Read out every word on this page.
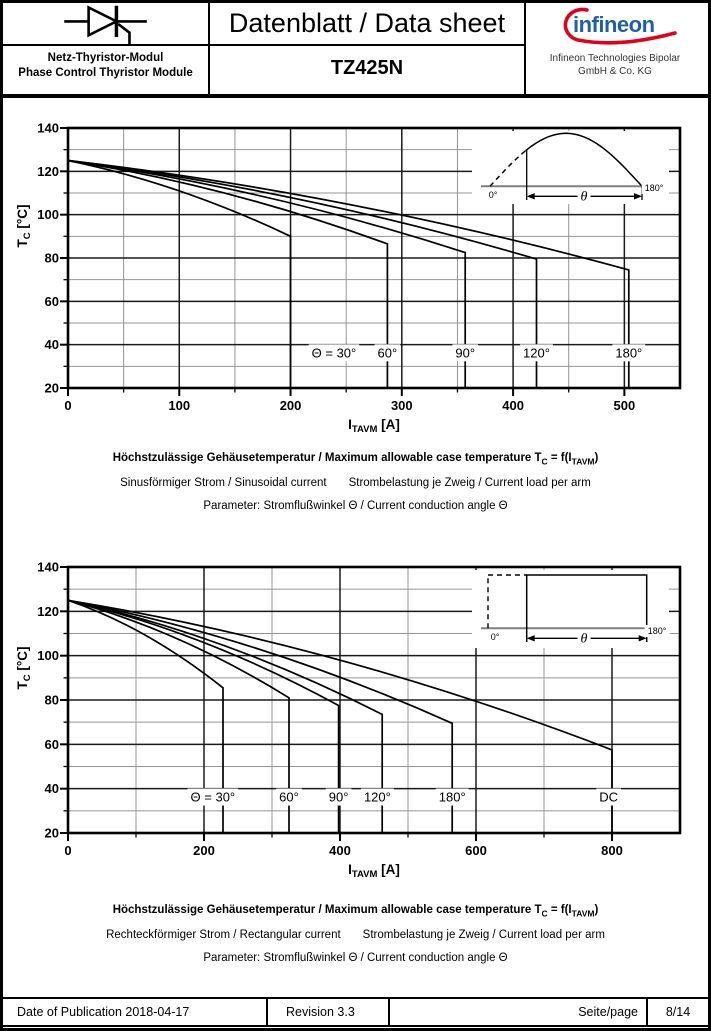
Netz-Thyristor-Modul
Phase Control Thyristor Module
Datenblatt / Data sheet
TZ425N
infineon
Infineon Technologies Bipolar
GmbH & Co. KG
θ
0°
180°
Θ = 30° 60°	90°	120°	180°
0	100	200	300	400	500
20
40
60
80
100
120
140
ITAVM [A]
TC [°C]
Höchstzulässige Gehäusetemperatur / Maximum allowable case temperature $T_C = f(I_{TAVM})$
Sinusförmiger Strom / Sinusoidal current Strombelastung je Zweig / Current load per arm
Parameter: Stromflußwinkel Θ / Current conduction angle Θ
θ
0°
180°
Θ = 30°	60° 90° 120°	180°	DC
0	200	400	600	800
20
40
60
80
100
120
140
ITAVM [A]
TC [°C]
Höchstzulässige Gehäusetemperatur / Maximum allowable case temperature $T_C = f(I_{TAVM})$
Rechteckförmiger Strom / Rectangular current Strombelastung je Zweig / Current load per arm
Parameter: Stromflußwinkel Θ / Current conduction angle Θ
Date of Publication 2018-04-17	Revision 3.3	Seite/page	8/14
